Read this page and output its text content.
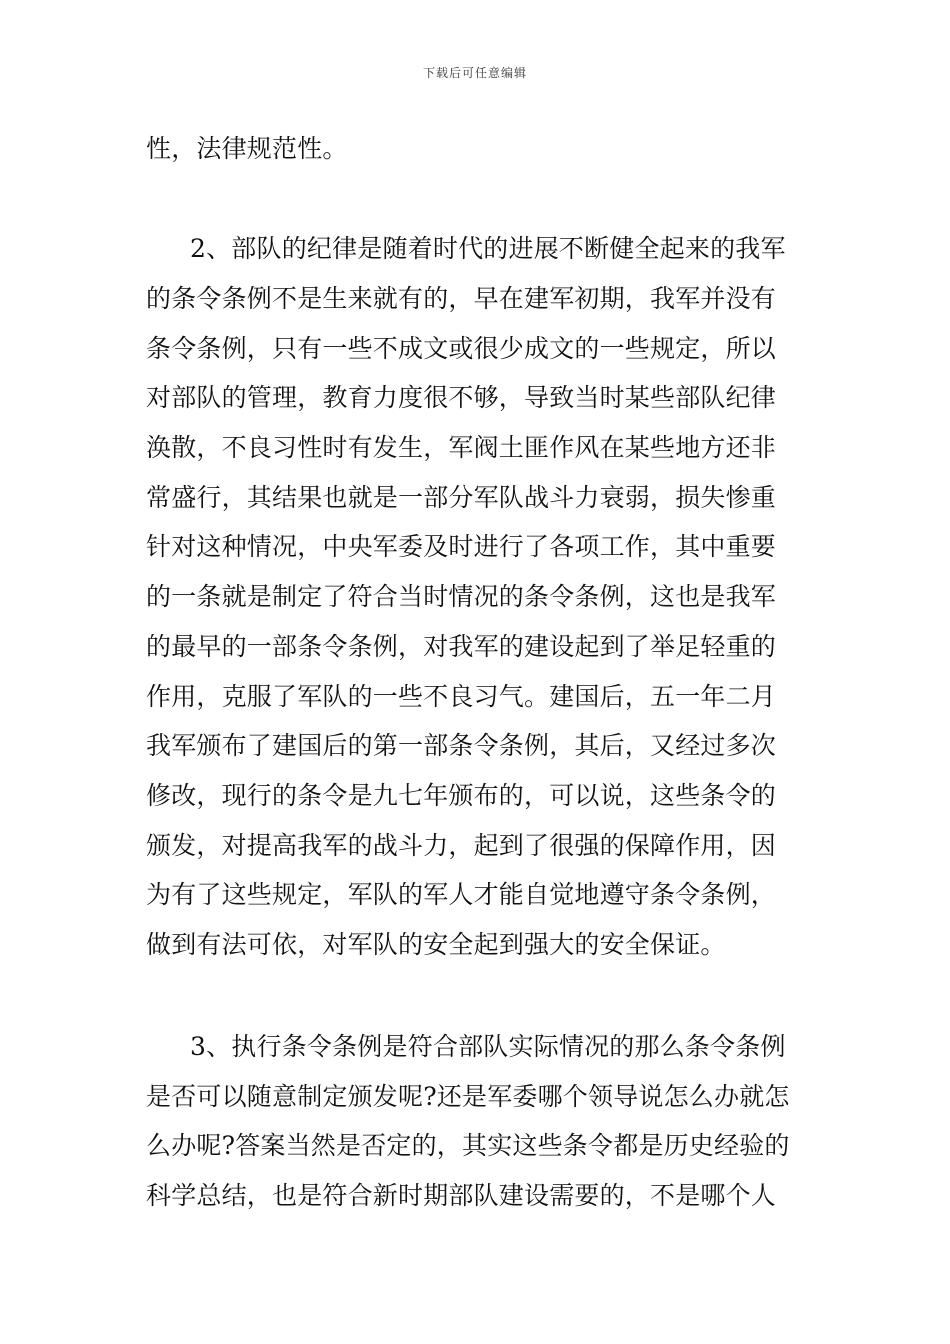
下载后可任意编辑
性，法律规范性。
2、部队的纪律是随着时代的进展不断健全起来的我军
的条令条例不是生来就有的，早在建军初期，我军并没有
条令条例，只有一些不成文或很少成文的一些规定，所以
对部队的管理，教育力度很不够，导致当时某些部队纪律
涣散，不良习性时有发生，军阀土匪作风在某些地方还非
常盛行，其结果也就是一部分军队战斗力衰弱，损失惨重
针对这种情况，中央军委及时进行了各项工作，其中重要
的一条就是制定了符合当时情况的条令条例，这也是我军
的最早的一部条令条例，对我军的建设起到了举足轻重的
作用，克服了军队的一些不良习气。建国后，五一年二月
我军颁布了建国后的第一部条令条例，其后，又经过多次
修改，现行的条令是九七年颁布的，可以说，这些条令的
颁发，对提高我军的战斗力，起到了很强的保障作用，因
为有了这些规定，军队的军人才能自觉地遵守条令条例，
做到有法可依，对军队的安全起到强大的安全保证。
3、执行条令条例是符合部队实际情况的那么条令条例
是否可以随意制定颁发呢?还是军委哪个领导说怎么办就怎
么办呢?答案当然是否定的，其实这些条令都是历史经验的
科学总结，也是符合新时期部队建设需要的，不是哪个人
